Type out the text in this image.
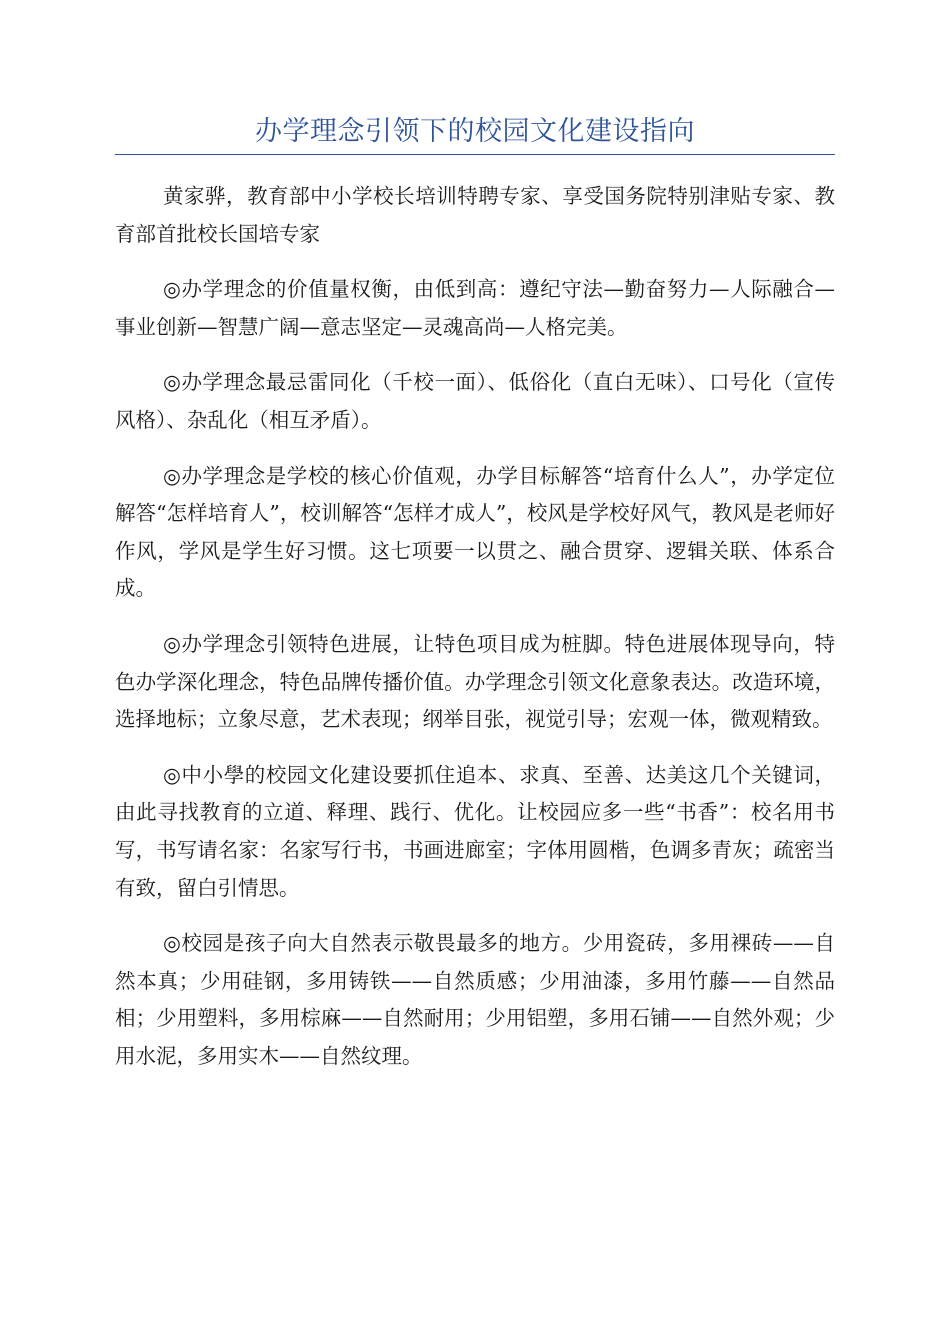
办学理念引领下的校园文化建设指向

黄家骅，教育部中小学校长培训特聘专家、享受国务院特别津贴专家、教育部首批校长国培专家

◎办学理念的价值量权衡，由低到高：遵纪守法—勤奋努力—人际融合—事业创新—智慧广阔—意志坚定—灵魂高尚—人格完美。

◎办学理念最忌雷同化（千校一面）、低俗化（直白无味）、口号化（宣传风格）、杂乱化（相互矛盾）。

◎办学理念是学校的核心价值观，办学目标解答“培育什么人”，办学定位解答“怎样培育人”，校训解答“怎样才成人”，校风是学校好风气，教风是老师好作风，学风是学生好习惯。这七项要一以贯之、融合贯穿、逻辑关联、体系合成。

◎办学理念引领特色进展，让特色项目成为桩脚。特色进展体现导向，特色办学深化理念，特色品牌传播价值。办学理念引领文化意象表达。改造环境，选择地标；立象尽意，艺术表现；纲举目张，视觉引导；宏观一体，微观精致。

◎中小學的校园文化建设要抓住追本、求真、至善、达美这几个关键词，由此寻找教育的立道、释理、践行、优化。让校园应多一些“书香”：校名用书写，书写请名家：名家写行书，书画进廊室；字体用圆楷，色调多青灰；疏密当有致，留白引情思。

◎校园是孩子向大自然表示敬畏最多的地方。少用瓷砖，多用裸砖——自然本真；少用硅钢，多用铸铁——自然质感；少用油漆，多用竹藤——自然品相；少用塑料，多用棕麻——自然耐用；少用铝塑，多用石铺——自然外观；少用水泥，多用实木——自然纹理。
